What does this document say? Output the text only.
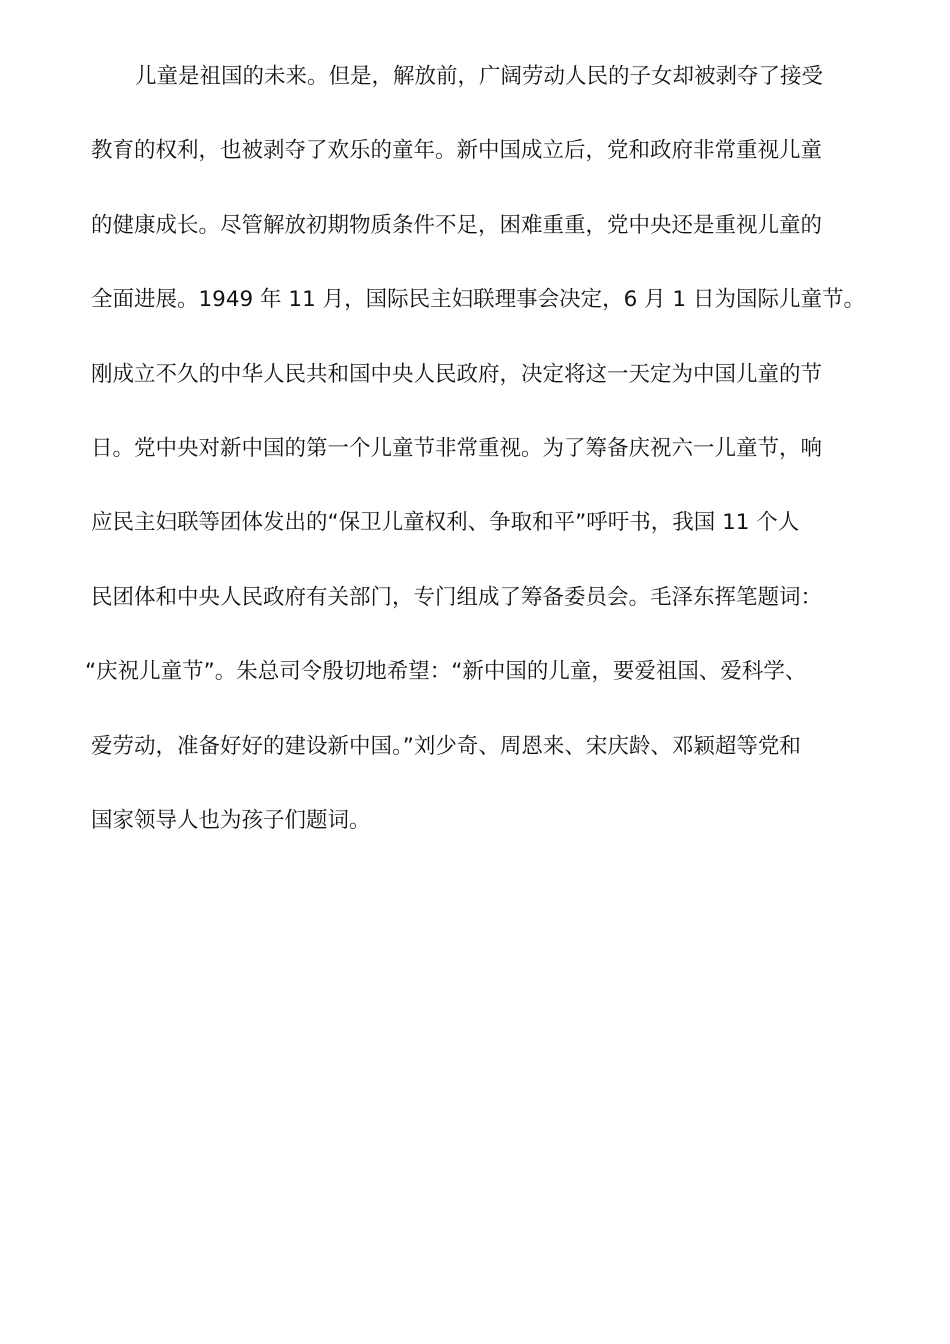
儿童是祖国的未来。但是，解放前，广阔劳动人民的子女却被剥夺了接受
教育的权利，也被剥夺了欢乐的童年。新中国成立后，党和政府非常重视儿童
的健康成长。尽管解放初期物质条件不足，困难重重，党中央还是重视儿童的
全面进展。1949 年 11 月，国际民主妇联理事会决定，6 月 1 日为国际儿童节。
刚成立不久的中华人民共和国中央人民政府，决定将这一天定为中国儿童的节
日。党中央对新中国的第一个儿童节非常重视。为了筹备庆祝六一儿童节，响
应民主妇联等团体发出的“保卫儿童权利、争取和平”呼吁书，我国 11 个人
民团体和中央人民政府有关部门，专门组成了筹备委员会。毛泽东挥笔题词：
“庆祝儿童节”。朱总司令殷切地希望：“新中国的儿童，要爱祖国、爱科学、
爱劳动，准备好好的建设新中国。”刘少奇、周恩来、宋庆龄、邓颖超等党和
国家领导人也为孩子们题词。
